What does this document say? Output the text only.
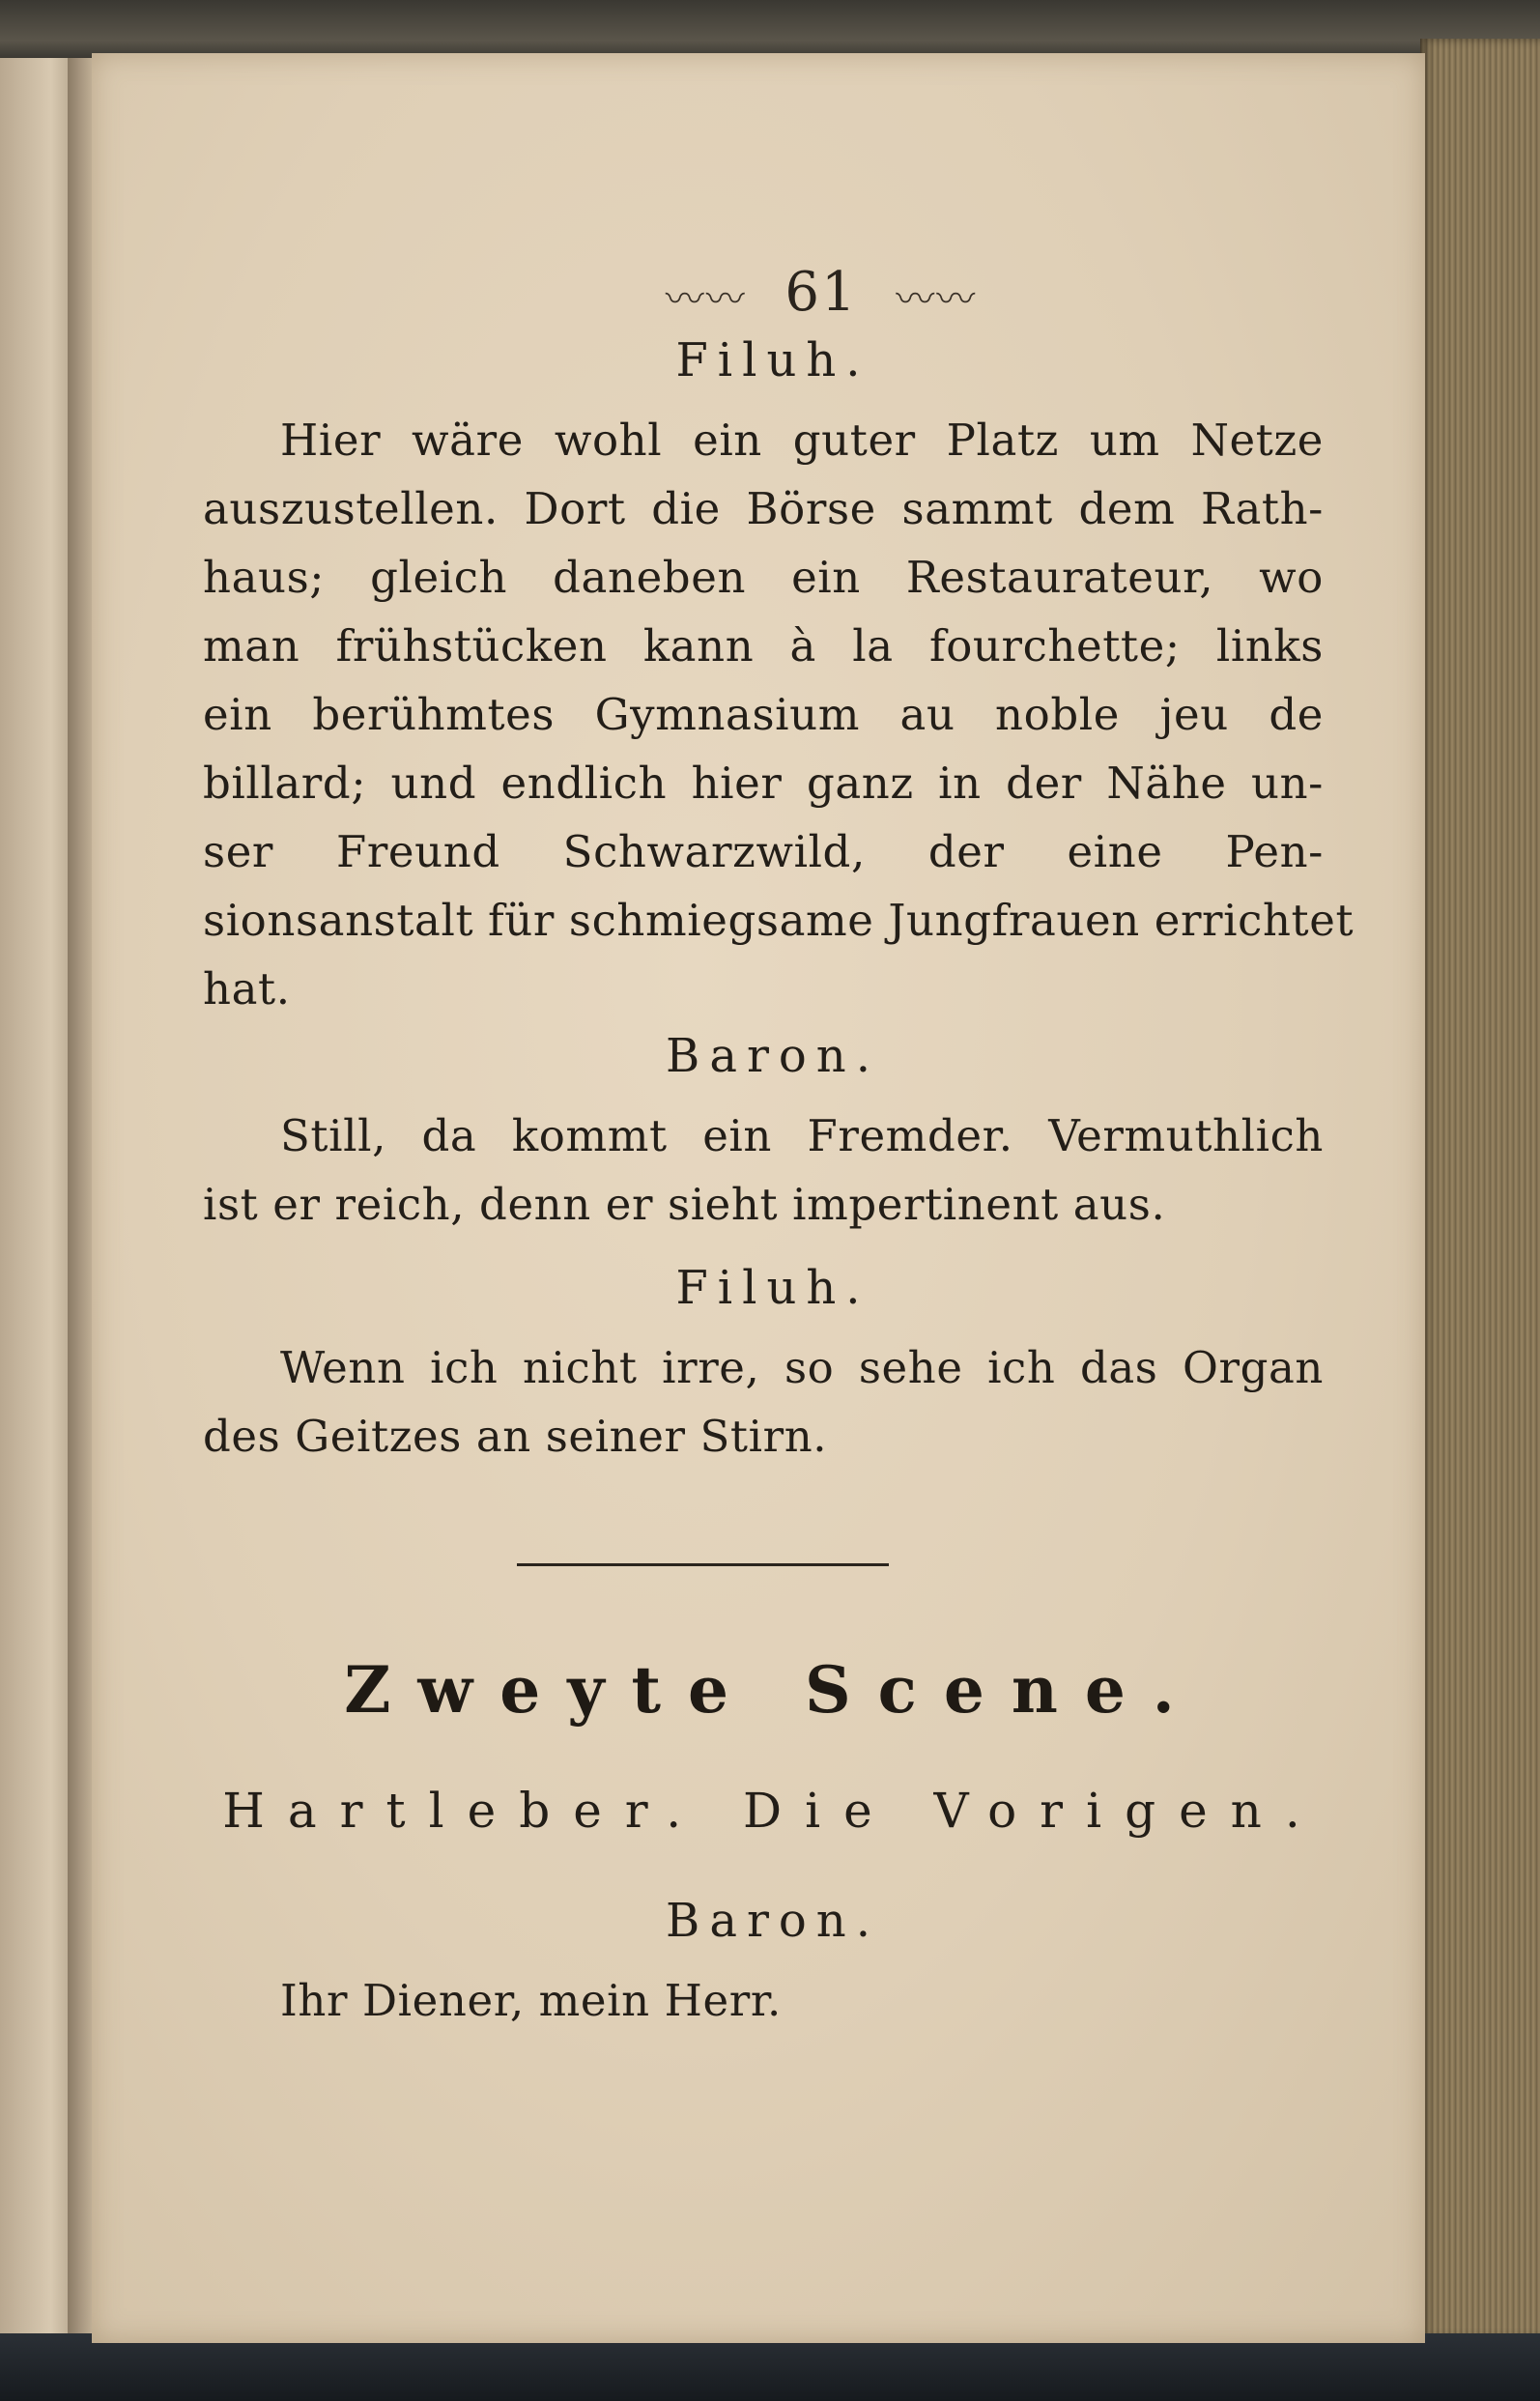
〰〰 61 〰〰
Filuh.
Hier wäre wohl ein guter Platz um Netze
auszustellen. Dort die Börse sammt dem Rath-
haus; gleich daneben ein Restaurateur, wo
man frühstücken kann à la fourchette; links
ein berühmtes Gymnasium au noble jeu de
billard; und endlich hier ganz in der Nähe un-
ser Freund Schwarzwild, der eine Pen-
sionsanstalt für schmiegsame Jungfrauen errichtet
hat.
Baron.
Still, da kommt ein Fremder. Vermuthlich
ist er reich, denn er sieht impertinent aus.
Filuh.
Wenn ich nicht irre, so sehe ich das Organ
des Geitzes an seiner Stirn.
Zweyte Scene.
Hartleber. Die Vorigen.
Baron.
Ihr Diener, mein Herr.
